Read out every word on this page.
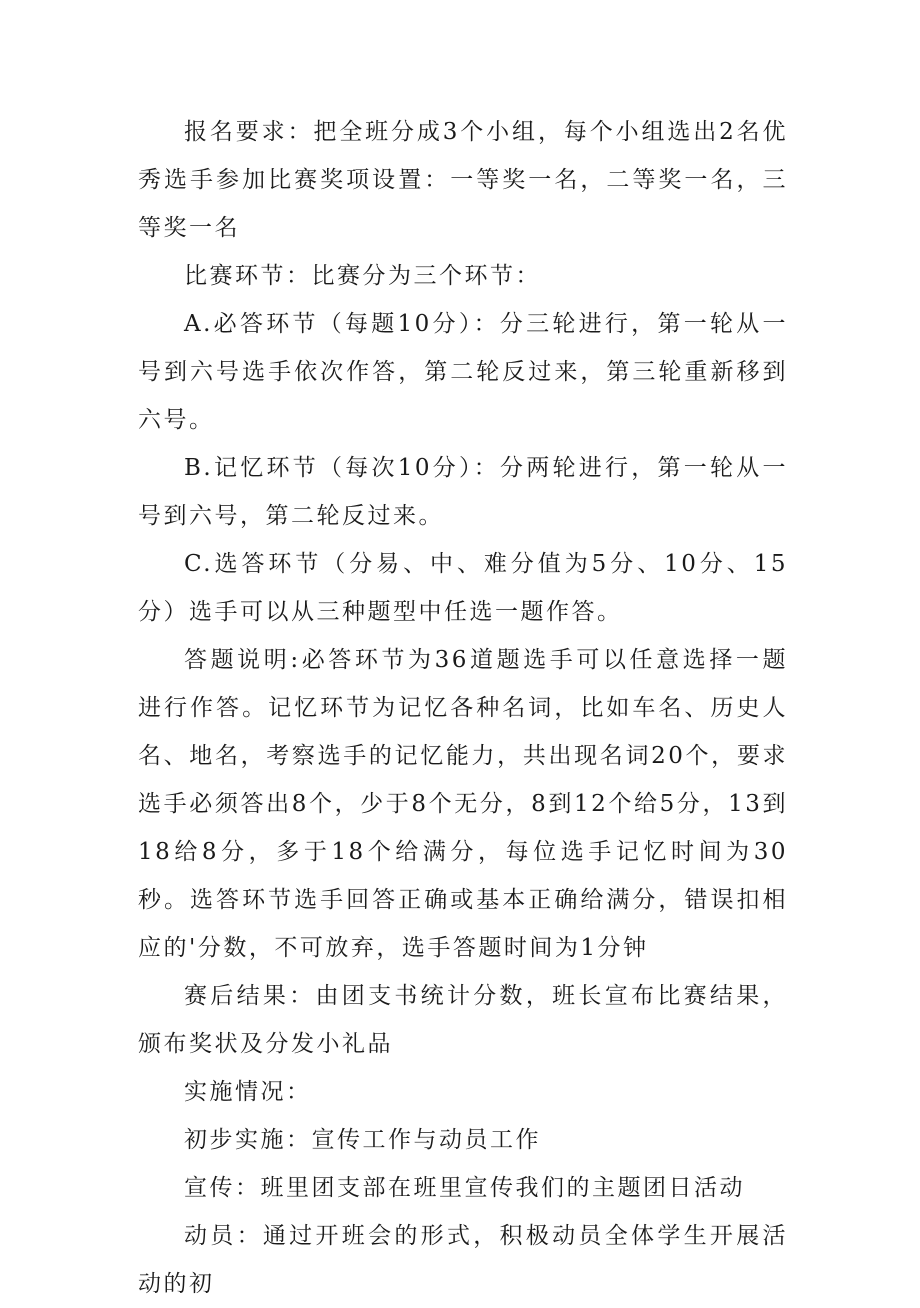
报名要求：把全班分成3个小组，每个小组选出2名优秀选手参加比赛奖项设置：一等奖一名，二等奖一名，三等奖一名

比赛环节：比赛分为三个环节：

A.必答环节（每题10分）：分三轮进行，第一轮从一号到六号选手依次作答，第二轮反过来，第三轮重新移到六号。

B.记忆环节（每次10分）：分两轮进行，第一轮从一号到六号，第二轮反过来。

C.选答环节（分易、中、难分值为5分、10分、15分）选手可以从三种题型中任选一题作答。

答题说明:必答环节为36道题选手可以任意选择一题进行作答。记忆环节为记忆各种名词，比如车名、历史人名、地名，考察选手的记忆能力，共出现名词20个，要求选手必须答出8个，少于8个无分，8到12个给5分，13到18给8分，多于18个给满分，每位选手记忆时间为30秒。选答环节选手回答正确或基本正确给满分，错误扣相应的'分数，不可放弃，选手答题时间为1分钟

赛后结果：由团支书统计分数，班长宣布比赛结果，颁布奖状及分发小礼品

实施情况：

初步实施：宣传工作与动员工作

宣传：班里团支部在班里宣传我们的主题团日活动

动员：通过开班会的形式，积极动员全体学生开展活动的初
